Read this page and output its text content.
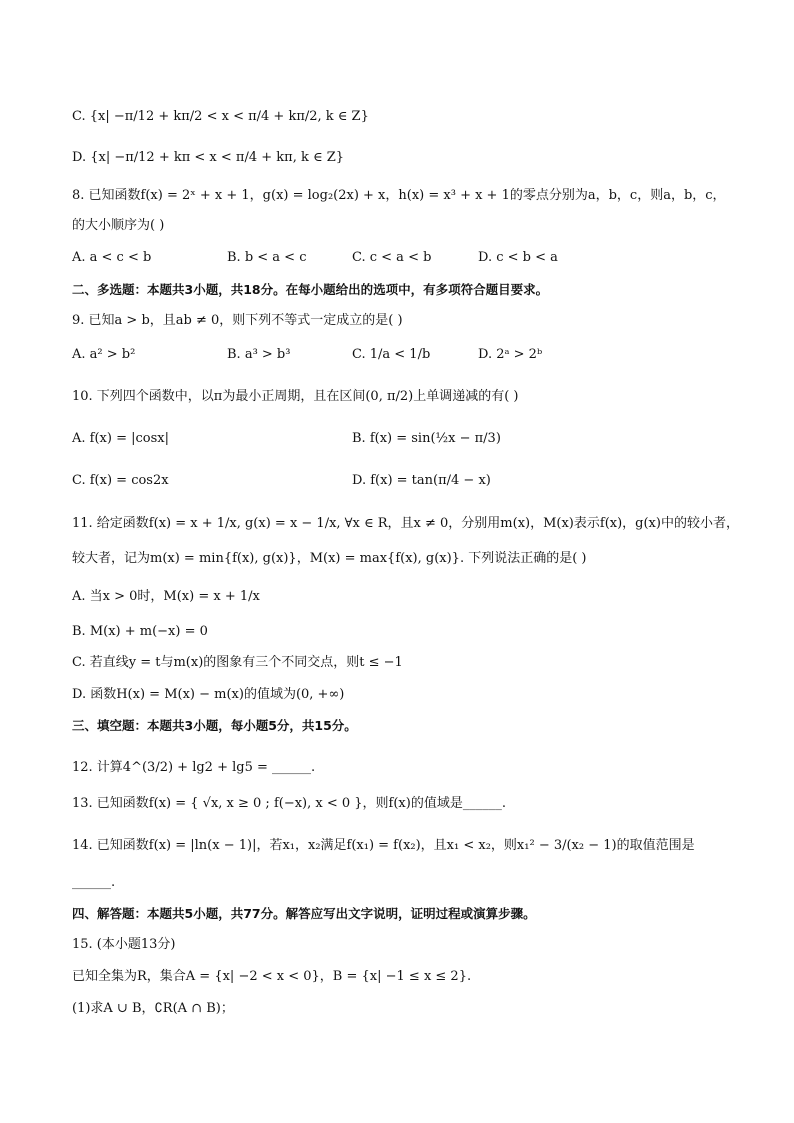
C. {x| −π/12 + kπ/2 < x < π/4 + kπ/2, k ∈ Z}
D. {x| −π/12 + kπ < x < π/4 + kπ, k ∈ Z}
8. 已知函数f(x) = 2ˣ + x + 1，g(x) = log₂(2x) + x，h(x) = x³ + x + 1的零点分别为a，b，c，则a，b，c，
的大小顺序为( )
A. a < c < b	B. b < a < c	C. c < a < b	D. c < b < a
二、多选题：本题共3小题，共18分。在每小题给出的选项中，有多项符合题目要求。
9. 已知a > b，且ab ≠ 0，则下列不等式一定成立的是( )
A. a² > b²	B. a³ > b³	C. 1/a < 1/b	D. 2ᵃ > 2ᵇ
10. 下列四个函数中，以π为最小正周期，且在区间(0, π/2)上单调递减的有( )
A. f(x) = |cosx|	B. f(x) = sin(½x − π/3)
C. f(x) = cos2x	D. f(x) = tan(π/4 − x)
11. 给定函数f(x) = x + 1/x, g(x) = x − 1/x, ∀x ∈ R，且x ≠ 0，分别用m(x)，M(x)表示f(x)，g(x)中的较小者，
较大者，记为m(x) = min{f(x), g(x)}，M(x) = max{f(x), g(x)}. 下列说法正确的是( )
A. 当x > 0时，M(x) = x + 1/x
B. M(x) + m(−x) = 0
C. 若直线y = t与m(x)的图象有三个不同交点，则t ≤ −1
D. 函数H(x) = M(x) − m(x)的值域为(0, +∞)
三、填空题：本题共3小题，每小题5分，共15分。
12. 计算4^(3/2) + lg2 + lg5 = ______.
13. 已知函数f(x) = { √x, x ≥ 0 ; f(−x), x < 0 }，则f(x)的值域是______.
14. 已知函数f(x) = |ln(x − 1)|，若x₁，x₂满足f(x₁) = f(x₂)，且x₁ < x₂，则x₁² − 3/(x₂ − 1)的取值范围是
______.
四、解答题：本题共5小题，共77分。解答应写出文字说明，证明过程或演算步骤。
15. (本小题13分)
已知全集为R，集合A = {x| −2 < x < 0}，B = {x| −1 ≤ x ≤ 2}.
(1)求A ∪ B，∁R(A ∩ B)；
